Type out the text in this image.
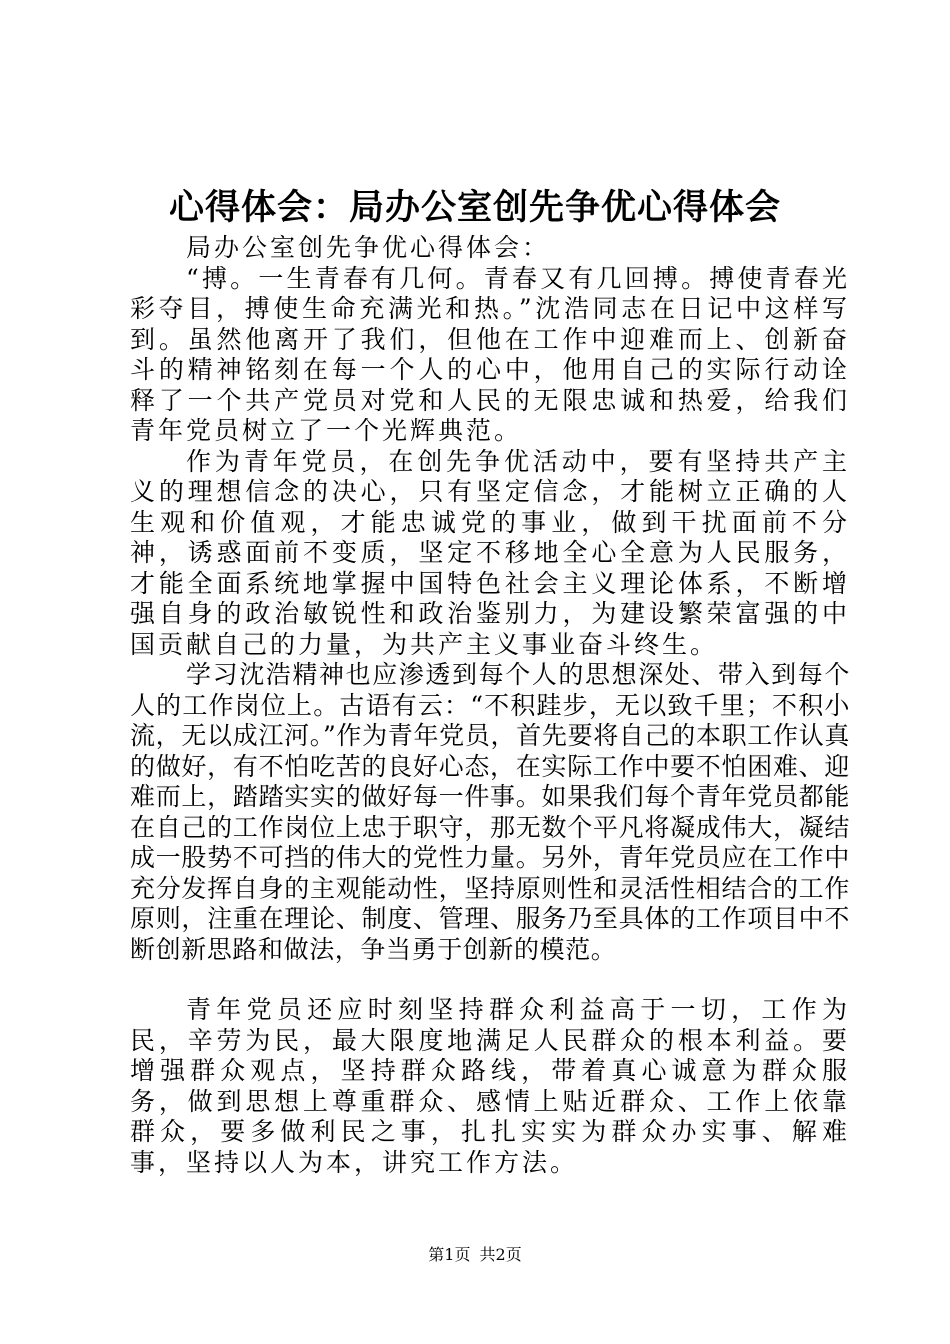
心得体会：局办公室创先争优心得体会

局办公室创先争优心得体会：

“搏。一生青春有几何。青春又有几回搏。搏使青春光彩夺目，搏使生命充满光和热。”沈浩同志在日记中这样写到。虽然他离开了我们，但他在工作中迎难而上、创新奋斗的精神铭刻在每一个人的心中，他用自己的实际行动诠释了一个共产党员对党和人民的无限忠诚和热爱，给我们青年党员树立了一个光辉典范。

作为青年党员，在创先争优活动中，要有坚持共产主义的理想信念的决心，只有坚定信念，才能树立正确的人生观和价值观，才能忠诚党的事业，做到干扰面前不分神，诱惑面前不变质，坚定不移地全心全意为人民服务，才能全面系统地掌握中国特色社会主义理论体系，不断增强自身的政治敏锐性和政治鉴别力，为建设繁荣富强的中国贡献自己的力量，为共产主义事业奋斗终生。

学习沈浩精神也应渗透到每个人的思想深处、带入到每个人的工作岗位上。古语有云：“不积跬步，无以致千里；不积小流，无以成江河。”作为青年党员，首先要将自己的本职工作认真的做好，有不怕吃苦的良好心态，在实际工作中要不怕困难、迎难而上，踏踏实实的做好每一件事。如果我们每个青年党员都能在自己的工作岗位上忠于职守，那无数个平凡将凝成伟大，凝结成一股势不可挡的伟大的党性力量。另外，青年党员应在工作中充分发挥自身的主观能动性，坚持原则性和灵活性相结合的工作原则，注重在理论、制度、管理、服务乃至具体的工作项目中不断创新思路和做法，争当勇于创新的模范。

青年党员还应时刻坚持群众利益高于一切，工作为民，辛劳为民，最大限度地满足人民群众的根本利益。要增强群众观点，坚持群众路线，带着真心诚意为群众服务，做到思想上尊重群众、感情上贴近群众、工作上依靠群众，要多做利民之事，扎扎实实为群众办实事、解难事，坚持以人为本，讲究工作方法。

第1页 共2页
